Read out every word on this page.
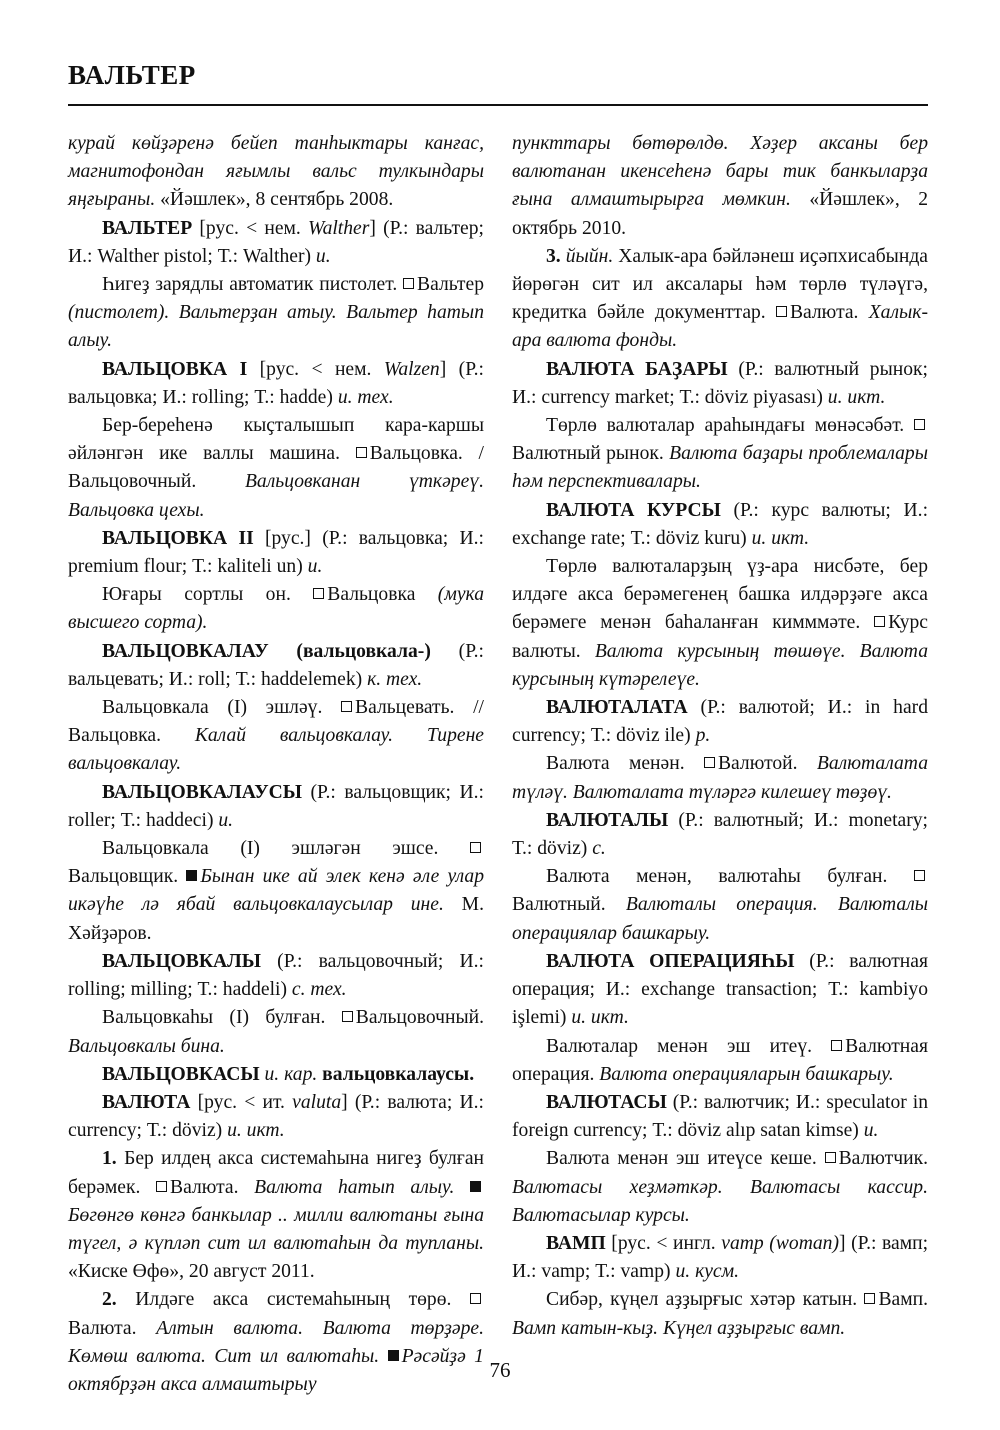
ВАЛЬТЕР

курай көйҙәренә бейеп танһыктары канғас, магнитофондан яғымлы вальс тулкындары яңғыраны. «Йәшлек», 8 сентябрь 2008.

ВАЛЬТЕР [рус. < нем. Walther] (Р.: вальтер; И.: Walther pistol; Т.: Walther) и.

Һигеҙ зарядлы автоматик пистолет. Вальтер (пистолет). Вальтерҙан атыу. Вальтер һатып алыу.

ВАЛЬЦОВКА I [рус. < нем. Walzen] (Р.: вальцовка; И.: rolling; Т.: hadde) и. тех.

Бер-береһенә кыҫталышып кара-каршы әйләнгән ике валлы машина. Вальцовка. / Вальцовочный. Вальцовканан үткәреү. Вальцовка цехы.

ВАЛЬЦОВКА II [рус.] (Р.: вальцовка; И.: premium flour; Т.: kaliteli un) и.

Юғары сортлы он. Вальцовка (мука высшего сорта).

ВАЛЬЦОВКАЛАУ (вальцовкала-) (Р.: вальцевать; И.: roll; Т.: haddelemek) к. тех.

Вальцовкала (I) эшләү. Вальцевать. // Вальцовка. Калай вальцовкалау. Тирене вальцовкалау.

ВАЛЬЦОВКАЛАУСЫ (Р.: вальцовщик; И.: roller; Т.: haddeci) и.

Вальцовкала (I) эшләгән эшсе. Вальцовщик. Бынан ике ай элек кенә әле улар икәүһе лә ябай вальцовкалаусылар ине. М. Хәйҙәров.

ВАЛЬЦОВКАЛЫ (Р.: вальцовочный; И.: rolling; milling; Т.: haddeli) с. тех.

Вальцовкаһы (I) булған. Вальцовочный. Вальцовкалы бина.

ВАЛЬЦОВКАСЫ и. кар. вальцовкалаусы.

ВАЛЮТА [рус. < ит. valuta] (Р.: валюта; И.: currency; Т.: döviz) и. икт.

1. Бер илдең акса системаһына нигеҙ булған берәмек. Валюта. Валюта һатып алыу. Бөгөнгө көнгә банкылар .. милли валютаны ғына түгел, ә күпләп сит ил валютаһын да тупланы. «Киске Өфө», 20 август 2011.

2. Илдәге акса системаһының төрө. Валюта. Алтын валюта. Валюта төрҙәре. Көмөш валюта. Сит ил валютаһы. Рәсәйҙә 1 октябрҙән акса алмаштырыу

пункттары бөтөрөлдө. Хәҙер аксаны бер валютанан икенсеһенә бары тик банкыларҙа ғына алмаштырырға мөмкин. «Йәшлек», 2 октябрь 2010.

3. йыйн. Халык-ара бәйләнеш иҫәпхисабында йөрөгән сит ил аксалары һәм төрлө түләүгә, кредитка бәйле документтар. Валюта. Халык-ара валюта фонды.

ВАЛЮТА БАҘАРЫ (Р.: валютный рынок; И.: currency market; Т.: döviz piyasası) и. икт.

Төрлө валюталар араһындағы мөнәсәбәт. Валютный рынок. Валюта баҙары проблемалары һәм перспективалары.

ВАЛЮТА КУРСЫ (Р.: курс валюты; И.: exchange rate; Т.: döviz kuru) и. икт.

Төрлө валюталарҙың үҙ-ара нисбәте, бер илдәге акса берәмегенең башка илдәрҙәге акса берәмеге менән баһаланған кимммәте. Курс валюты. Валюта курсының төшөүе. Валюта курсының күтәрелеүе.

ВАЛЮТАЛАТА (Р.: валютой; И.: in hard currency; Т.: döviz ile) р.

Валюта менән. Валютой. Валюталата түләү. Валюталата түләргә килешеү төҙөү.

ВАЛЮТАЛЫ (Р.: валютный; И.: monetary; Т.: döviz) с.

Валюта менән, валютаһы булған. Валютный. Валюталы операция. Валюталы операциялар башкарыу.

ВАЛЮТА ОПЕРАЦИЯҺЫ (Р.: валютная операция; И.: exchange transaction; Т.: kambiyo işlemi) и. икт.

Валюталар менән эш итеү. Валютная операция. Валюта операцияларын башкарыу.

ВАЛЮТАСЫ (Р.: валютчик; И.: speculator in foreign currency; Т.: döviz alıp satan kimse) и.

Валюта менән эш итеүсе кеше. Валютчик. Валютасы хеҙмәткәр. Валютасы кассир. Валютасылар курсы.

ВАМП [рус. < ингл. vamp (woman)] (Р.: вамп; И.: vamp; Т.: vamp) и. кусм.

Сибәр, күңел аҙҙырғыс хәтәр катын. Вамп. Вамп катын-кыҙ. Күңел аҙҙырғыс вамп.

76
